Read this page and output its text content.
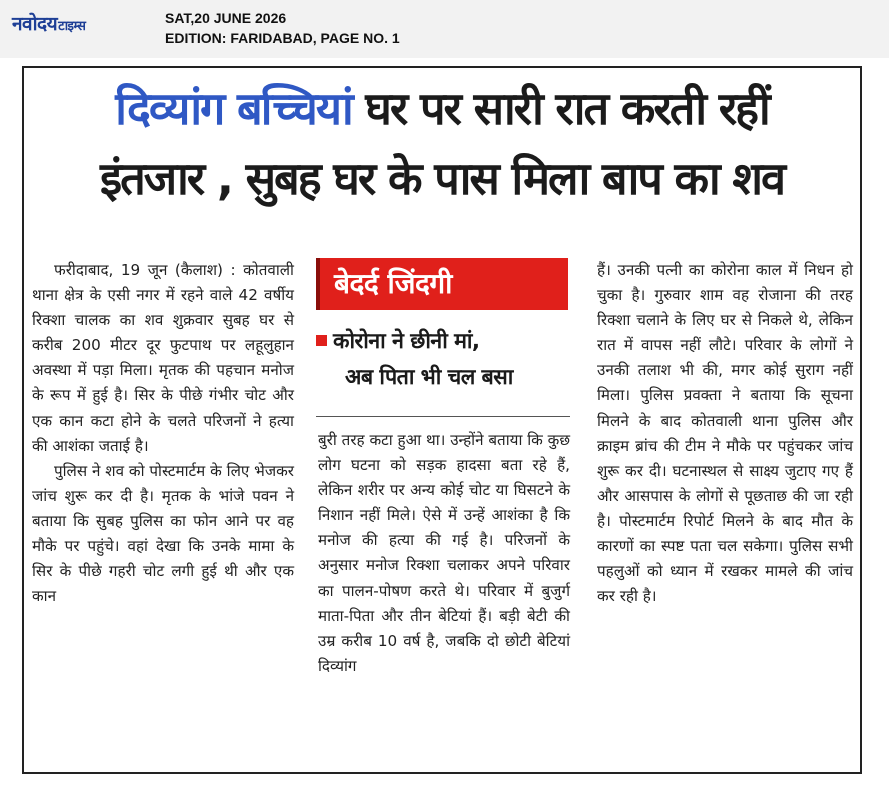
नवोदयटाइम्स
SAT,20 JUNE 2026
EDITION: FARIDABAD, PAGE NO. 1
दिव्यांग बच्चियां घर पर सारी रात करती रहीं
इंतजार , सुबह घर के पास मिला बाप का शव

फरीदाबाद, 19 जून (कैलाश) : कोतवाली थाना क्षेत्र के एसी नगर में रहने वाले 42 वर्षीय रिक्शा चालक का शव शुक्रवार सुबह घर से करीब 200 मीटर दूर फुटपाथ पर लहूलुहान अवस्था में पड़ा मिला। मृतक की पहचान मनोज के रूप में हुई है। सिर के पीछे गंभीर चोट और एक कान कटा होने के चलते परिजनों ने हत्या की आशंका जताई है।

पुलिस ने शव को पोस्टमार्टम के लिए भेजकर जांच शुरू कर दी है। मृतक के भांजे पवन ने बताया कि सुबह पुलिस का फोन आने पर वह मौके पर पहुंचे। वहां देखा कि उनके मामा के सिर के पीछे गहरी चोट लगी हुई थी और एक कान

बेदर्द जिंदगी
कोरोना ने छीनी मां,
अब पिता भी चल बसा

बुरी तरह कटा हुआ था। उन्होंने बताया कि कुछ लोग घटना को सड़क हादसा बता रहे हैं, लेकिन शरीर पर अन्य कोई चोट या घिसटने के निशान नहीं मिले। ऐसे में उन्हें आशंका है कि मनोज की हत्या की गई है। परिजनों के अनुसार मनोज रिक्शा चलाकर अपने परिवार का पालन-पोषण करते थे। परिवार में बुजुर्ग माता-पिता और तीन बेटियां हैं। बड़ी बेटी की उम्र करीब 10 वर्ष है, जबकि दो छोटी बेटियां दिव्यांग

हैं। उनकी पत्नी का कोरोना काल में निधन हो चुका है। गुरुवार शाम वह रोजाना की तरह रिक्शा चलाने के लिए घर से निकले थे, लेकिन रात में वापस नहीं लौटे। परिवार के लोगों ने उनकी तलाश भी की, मगर कोई सुराग नहीं मिला। पुलिस प्रवक्ता ने बताया कि सूचना मिलने के बाद कोतवाली थाना पुलिस और क्राइम ब्रांच की टीम ने मौके पर पहुंचकर जांच शुरू कर दी। घटनास्थल से साक्ष्य जुटाए गए हैं और आसपास के लोगों से पूछताछ की जा रही है। पोस्टमार्टम रिपोर्ट मिलने के बाद मौत के कारणों का स्पष्ट पता चल सकेगा। पुलिस सभी पहलुओं को ध्यान में रखकर मामले की जांच कर रही है।
